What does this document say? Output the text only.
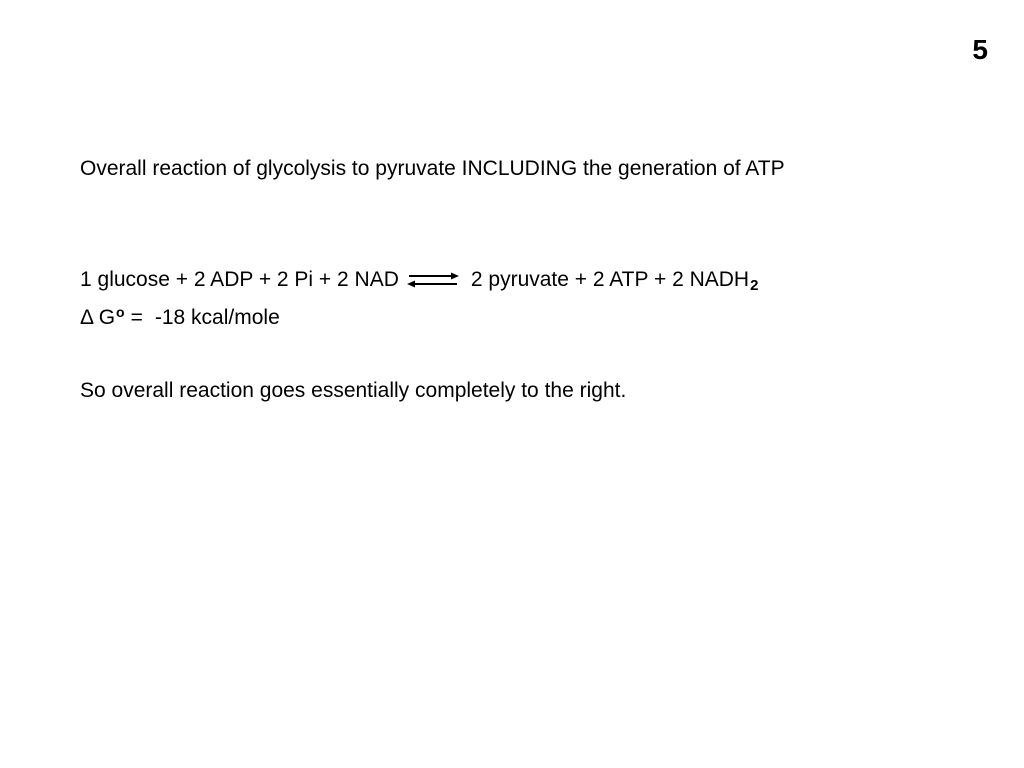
5
Overall reaction of glycolysis to pyruvate INCLUDING the generation of ATP
1 glucose + 2 ADP + 2 Pi + 2 NAD ⇌ 2 pyruvate + 2 ATP + 2 NADH 2
Δ $G^o = -18$ kcal/mole
So overall reaction goes essentially completely to the right.
